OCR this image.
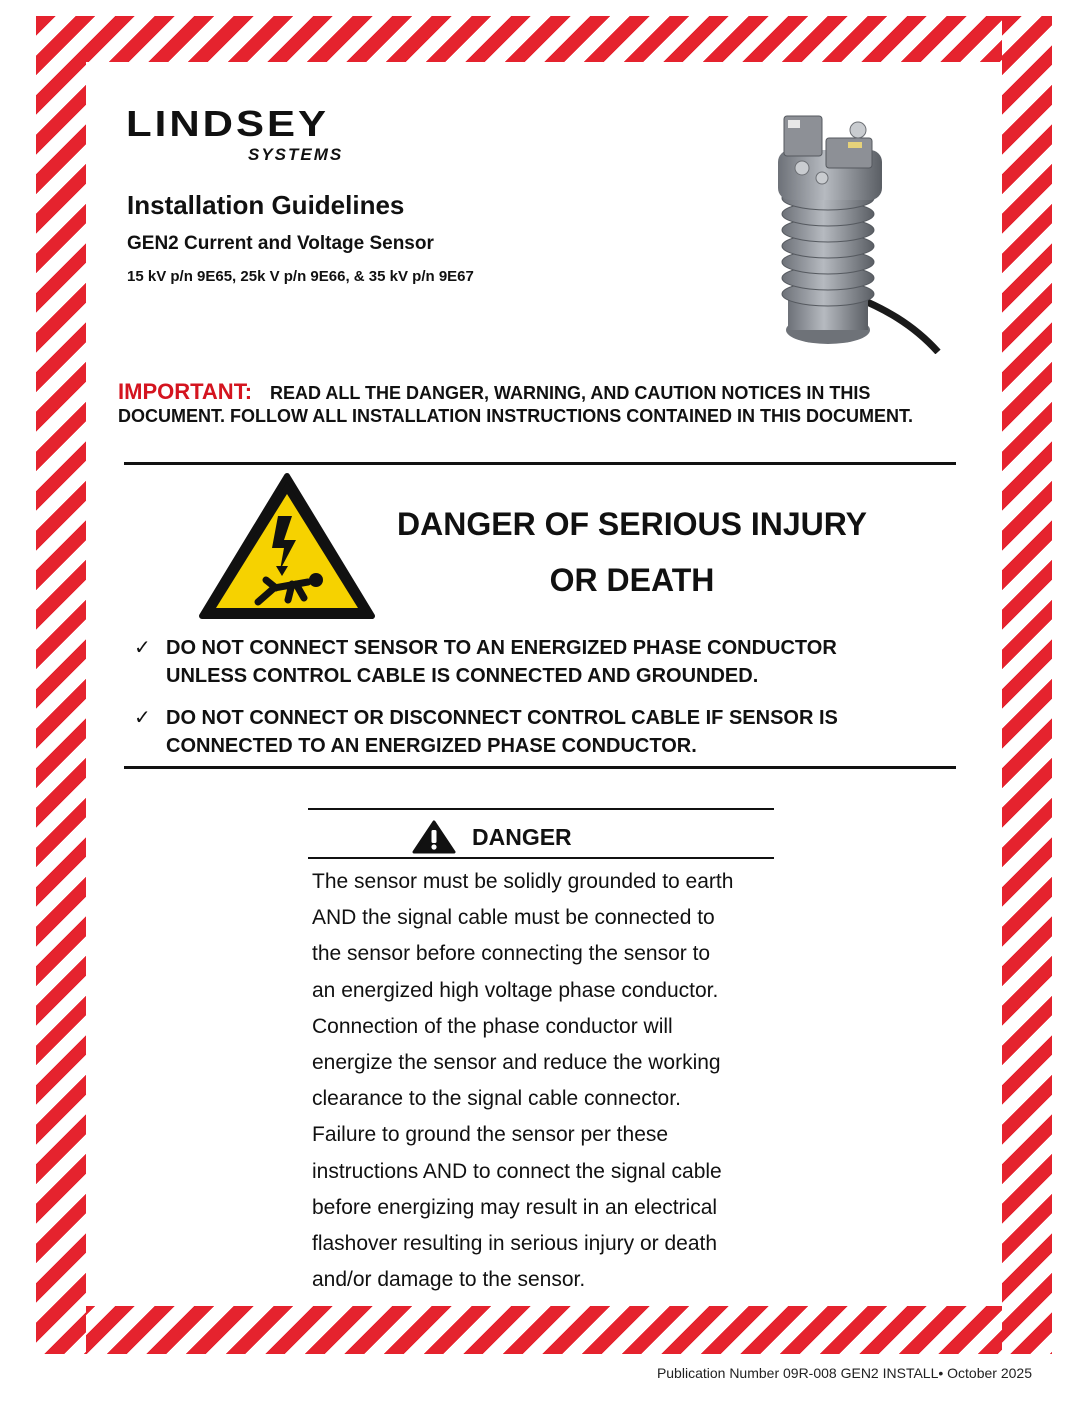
LINDSEY
SYSTEMS
Installation Guidelines
GEN2 Current and Voltage Sensor
15 kV p/n 9E65, 25k V p/n 9E66, & 35 kV p/n 9E67
IMPORTANT: READ ALL THE DANGER, WARNING, AND CAUTION NOTICES IN THIS DOCUMENT. FOLLOW ALL INSTALLATION INSTRUCTIONS CONTAINED IN THIS DOCUMENT.
DANGER OF SERIOUS INJURY
OR DEATH
✓ DO NOT CONNECT SENSOR TO AN ENERGIZED PHASE CONDUCTOR UNLESS CONTROL CABLE IS CONNECTED AND GROUNDED.
✓ DO NOT CONNECT OR DISCONNECT CONTROL CABLE IF SENSOR IS CONNECTED TO AN ENERGIZED PHASE CONDUCTOR.
DANGER

The sensor must be solidly grounded to earth

AND the signal cable must be connected to

the sensor before connecting the sensor to

an energized high voltage phase conductor.

Connection of the phase conductor will

energize the sensor and reduce the working

clearance to the signal cable connector.

Failure to ground the sensor per these

instructions AND to connect the signal cable

before energizing may result in an electrical

flashover resulting in serious injury or death

and/or damage to the sensor.

Publication Number 09R-008 GEN2 INSTALL• October 2025
